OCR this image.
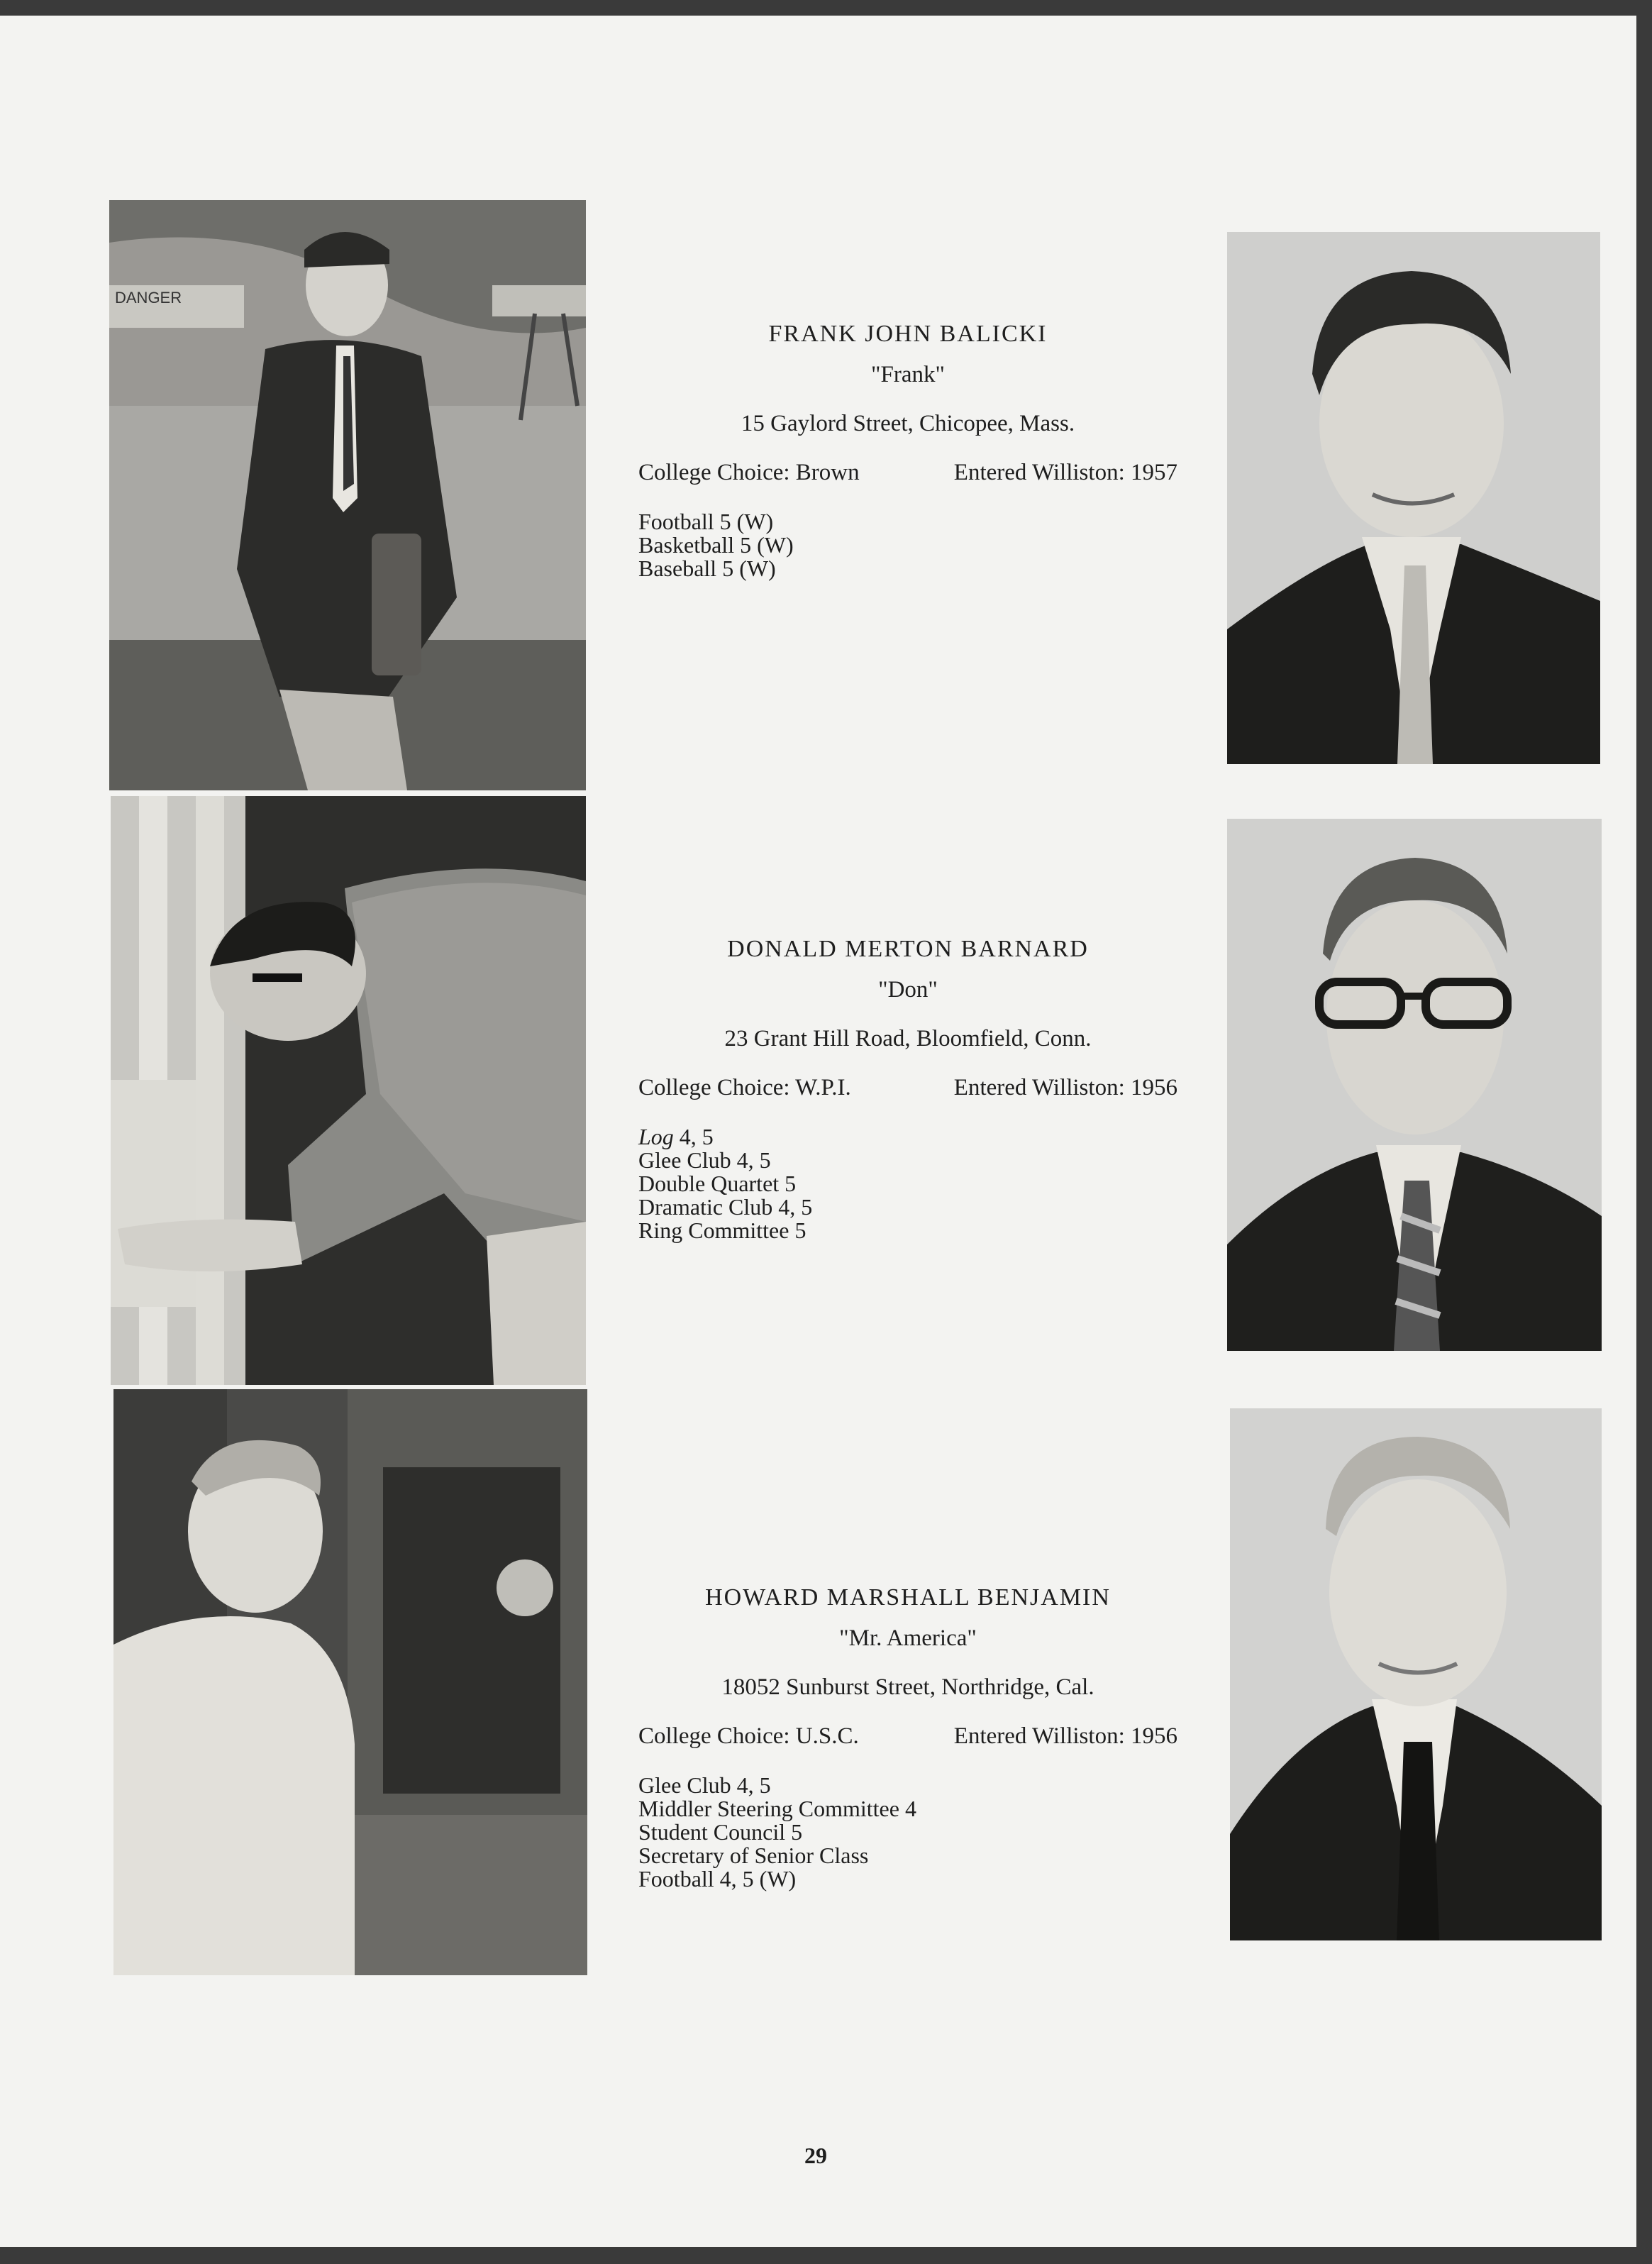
DANGER
FRANK JOHN BALICKI
"Frank"
15 Gaylord Street, Chicopee, Mass.
College Choice: Brown	Entered Williston: 1957
Football 5 (W)
Basketball 5 (W)
Baseball 5 (W)
DONALD MERTON BARNARD
"Don"
23 Grant Hill Road, Bloomfield, Conn.
College Choice: W.P.I.	Entered Williston: 1956
Log 4, 5
Glee Club 4, 5
Double Quartet 5
Dramatic Club 4, 5
Ring Committee 5
HOWARD MARSHALL BENJAMIN
"Mr. America"
18052 Sunburst Street, Northridge, Cal.
College Choice: U.S.C.	Entered Williston: 1956
Glee Club 4, 5
Middler Steering Committee 4
Student Council 5
Secretary of Senior Class
Football 4, 5 (W)
29
